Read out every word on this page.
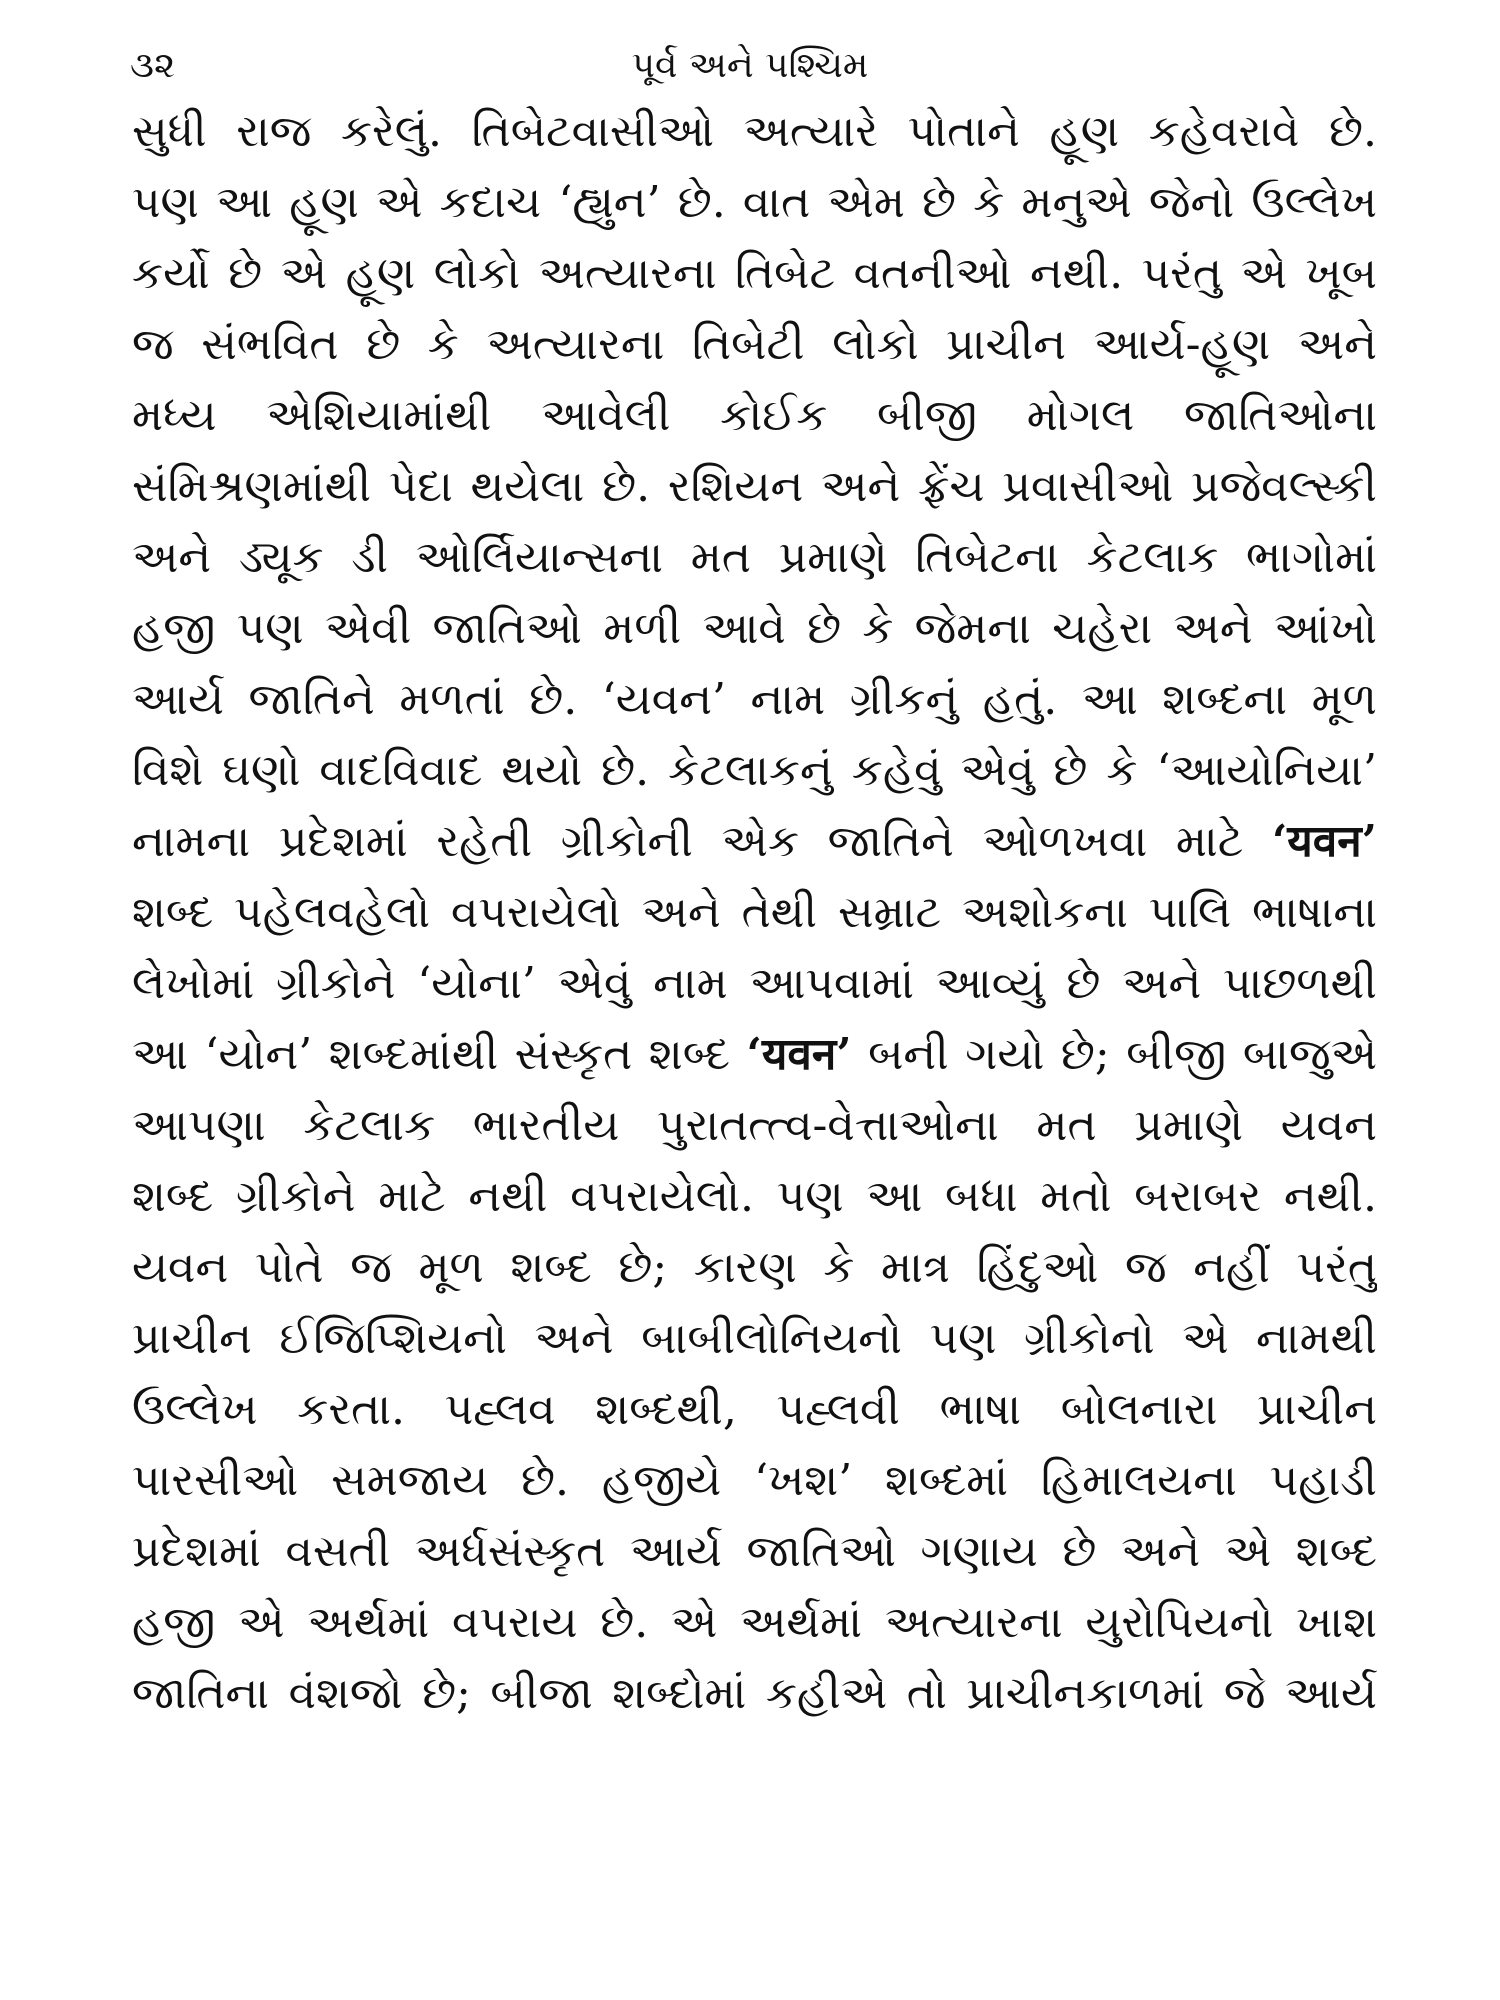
૩૨	પૂર્વ અને પશ્ચિમ
સુધી રાજ કરેલું. તિબેટવાસીઓ અત્યારે પોતાને હૂણ કહેવરાવે છે.
પણ આ હૂણ એ કદાચ ‘હ્યુન’ છે. વાત એમ છે કે મનુએ જેનો ઉલ્લેખ
કર્યો છે એ હૂણ લોકો અત્યારના તિબેટ વતનીઓ નથી. પરંતુ એ ખૂબ
જ સંભવિત છે કે અત્યારના તિબેટી લોકો પ્રાચીન આર્ય-હૂણ અને
મધ્ય એશિયામાંથી આવેલી કોઈક બીજી મોગલ જાતિઓના
સંમિશ્રણમાંથી પેદા થયેલા છે. રશિયન અને ફ્રેંચ પ્રવાસીઓ પ્રજેવલ્સ્કી
અને ડ્યૂક ડી ઓર્લિયાન્સના મત પ્રમાણે તિબેટના કેટલાક ભાગોમાં
હજી પણ એવી જાતિઓ મળી આવે છે કે જેમના ચહેરા અને આંખો
આર્ય જાતિને મળતાં છે. ‘યવન’ નામ ગ્રીકનું હતું. આ શબ્દના મૂળ
વિશે ઘણો વાદવિવાદ થયો છે. કેટલાકનું કહેવું એવું છે કે ‘આયોનિયા’
નામના પ્રદેશમાં રહેતી ગ્રીકોની એક જાતિને ઓળખવા માટે ‘यवन’
શબ્દ પહેલવહેલો વપરાયેલો અને તેથી સમ્રાટ અશોકના પાલિ ભાષાના
લેખોમાં ગ્રીકોને ‘યોના’ એવું નામ આપવામાં આવ્યું છે અને પાછળથી
આ ‘યોન’ શબ્દમાંથી સંસ્કૃત શબ્દ ‘यवन’ બની ગયો છે; બીજી બાજુએ
આપણા કેટલાક ભારતીય પુરાતત્ત્વ-વેત્તાઓના મત પ્રમાણે યવન
શબ્દ ગ્રીકોને માટે નથી વપરાયેલો. પણ આ બધા મતો બરાબર નથી.
યવન પોતે જ મૂળ શબ્દ છે; કારણ કે માત્ર હિંદુઓ જ નહીં પરંતુ
પ્રાચીન ઈજિપ્શિયનો અને બાબીલોનિયનો પણ ગ્રીકોનો એ નામથી
ઉલ્લેખ કરતા. પહ્લવ શબ્દથી, પહ્લવી ભાષા બોલનારા પ્રાચીન
પારસીઓ સમજાય છે. હજીયે ‘ખશ’ શબ્દમાં હિમાલયના પહાડી
પ્રદેશમાં વસતી અર્ધસંસ્કૃત આર્ય જાતિઓ ગણાય છે અને એ શબ્દ
હજી એ અર્થમાં વપરાય છે. એ અર્થમાં અત્યારના યુરોપિયનો ખાશ
જાતિના વંશજો છે; બીજા શબ્દોમાં કહીએ તો પ્રાચીનકાળમાં જે આર્ય
